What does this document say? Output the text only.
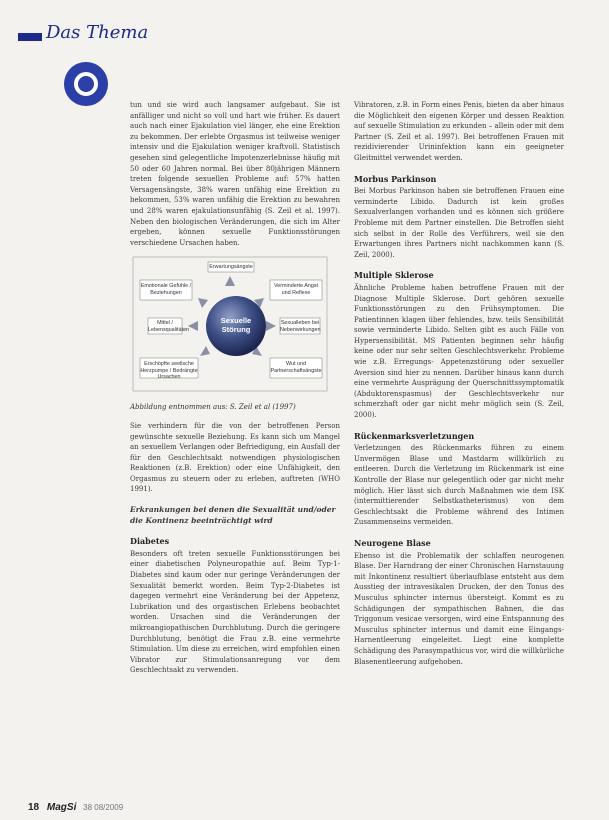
Das Thema

tun und sie wird auch langsamer aufgebaut. Sie ist anfälliger und nicht so voll und hart wie früher. Es dauert auch nach einer Ejakulation viel länger, ehe eine Erektion zu bekommen. Der erlebte Orgasmus ist teilweise weniger intensiv und die Ejakulation weniger kraftvoll. Statistisch gesehen sind gelegentliche Impotenzerlebnisse häufig mit 50 oder 60 Jahren normal. Bei über 80jährigen Männern treten folgende sexuellen Probleme auf: 57% hatten Versagensängste, 38% waren unfähig eine Erektion zu bekommen, 53% waren unfähig die Erektion zu bewahren und 28% waren ejakulationsunfähig (S. Zeil et al. 1997). Neben den biologischen Veränderungen, die sich im Alter ergeben, können sexuelle Funktionsstörungen verschiedene Ursachen haben.

Erwartungsängste
Emotionale Gefühle / Beziehungen
Verminderte Angst und Reflexe
Mittel / Lebensqualitäten
Sexualleben bei Nebenwirkungen
Erschöpfte seelische Herzpumpe / Bedrängte Ursachen
Wut und Partnerschaftsängste
Sexuelle Störung
Abbildung entnommen aus: S. Zeil et al (1997)

Sie verhindern für die von der betroffenen Person gewünschte sexuelle Beziehung. Es kann sich um Mangel an sexuellem Verlangen oder Befriedigung, ein Ausfall der für den Geschlechtsakt notwendigen physiologischen Reaktionen (z.B. Erektion) oder eine Unfähigkeit, den Orgasmus zu steuern oder zu erleben, auftreten (WHO 1991).

Erkrankungen bei denen die Sexualität und/oder die Kontinenz beeinträchtigt wird
Diabetes

Besonders oft treten sexuelle Funktionsstörungen bei einer diabetischen Polyneuropathie auf. Beim Typ-1-Diabetes sind kaum oder nur geringe Veränderungen der Sexualität bemerkt worden. Beim Typ-2-Diabetes ist dagegen vermehrt eine Veränderung bei der Appetenz, Lubrikation und des orgastischen Erlebens beobachtet worden. Ursachen sind die Veränderungen der mikroangiopathischen Durchblutung. Durch die geringere Durchblutung, benötigt die Frau z.B. eine vermehrte Stimulation. Um diese zu erreichen, wird empfohlen einen Vibrator zur Stimulationsanregung vor dem Geschlechtsakt zu verwenden.

Vibratoren, z.B. in Form eines Penis, bieten da aber hinaus die Möglichkeit den eigenen Körper und dessen Reaktion auf sexuelle Stimulation zu erkunden – allein oder mit dem Partner (S. Zeil et al. 1997). Bei betroffenen Frauen mit rezidivierender Urininfektion kann ein geeigneter Gleitmittel verwendet werden.

Morbus Parkinson

Bei Morbus Parkinson haben sie betroffenen Frauen eine verminderte Libido. Dadurch ist kein großes Sexualverlangen vorhanden und es können sich größere Probleme mit dem Partner einstellen. Die Betroffen sieht sich selbst in der Rolle des Verführers, weil sie den Erwartungen ihres Partners nicht nachkommen kann (S. Zeil, 2000).

Multiple Sklerose

Ähnliche Probleme haben betroffene Frauen mit der Diagnose Multiple Sklerose. Dort gehören sexuelle Funktionsstörungen zu den Frühsymptomen. Die Patientinnen klagen über fehlendes, bzw. teils Sensibilität sowie verminderte Libido. Selten gibt es auch Fälle von Hypersensibilität. MS Patienten beginnen sehr häufig keine oder nur sehr selten Geschlechtsverkehr. Probleme wie z.B. Erregungs- Appetenzstörung oder sexueller Aversion sind hier zu nennen. Darüber hinaus kann durch eine vermehrte Ausprägung der Querschnittssymptomatik (Abduktorenspasmus) der Geschlechtsverkehr nur schmerzhaft oder gar nicht mehr möglich sein (S. Zeil, 2000).

Rückenmarksverletzungen

Verletzungen des Rückenmarks führen zu einem Unvermögen Blase und Mastdarm willkürlich zu entleeren. Durch die Verletzung im Rückenmark ist eine Kontrolle der Blase nur gelegentlich oder gar nicht mehr möglich. Hier lässt sich durch Maßnahmen wie dem ISK (intermittierender Selbstkatheterismus) von dem Geschlechtsakt die Probleme während des Intimen Zusammenseins vermeiden.

Neurogene Blase

Ebenso ist die Problematik der schlaffen neurogenen Blase. Der Harndrang der einer Chronischen Harnstauung mit Inkontinenz resultiert überlaufblase entsteht aus dem Ausstieg der intravesikalen Drucken, der den Tonus des Musculus sphincter internus übersteigt. Kommt es zu Schädigungen der sympathischen Bahnen, die das Triggonum vesicae versorgen, wird eine Entspannung des Musculus sphincter internus und damit eine Eingangs-Harnentleerung eingeleitet. Liegt eine komplette Schädigung des Parasympathicus vor, wird die willkürliche Blasenentleerung aufgehoben.

18 MagSi 38 08/2009
